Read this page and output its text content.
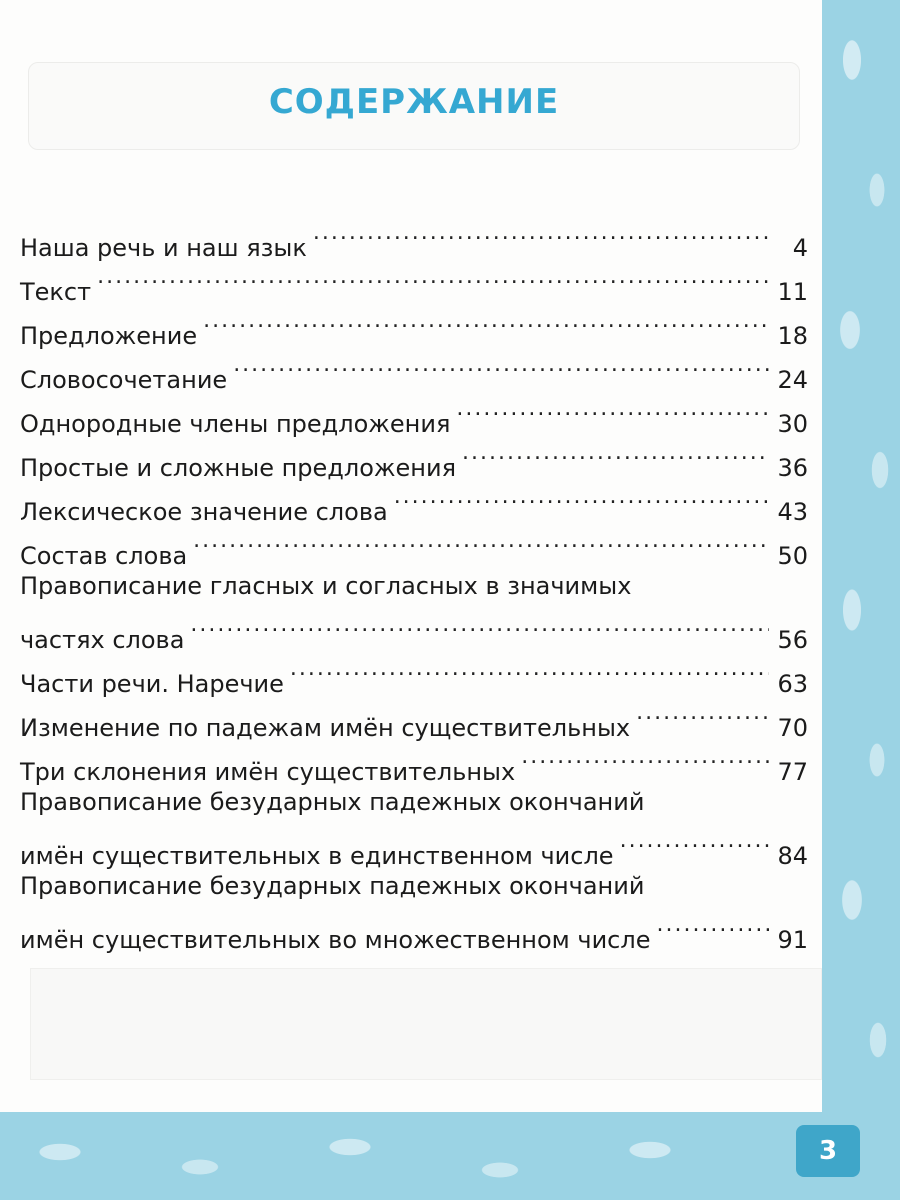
СОДЕРЖАНИЕ
Наша речь и наш язык .....	4
Текст .....	11
Предложение .....	18
Словосочетание .....	24
Однородные члены предложения .....	30
Простые и сложные предложения .....	36
Лексическое значение слова .....	43
Состав слова .....	50
Правописание гласных и согласных в значимых
частях слова .....	56
Части речи. Наречие .....	63
Изменение по падежам имён существительных .....	70
Три склонения имён существительных .....	77
Правописание безударных падежных окончаний
имён существительных в единственном числе .....	84
Правописание безударных падежных окончаний
имён существительных во множественном числе .....	91
3
